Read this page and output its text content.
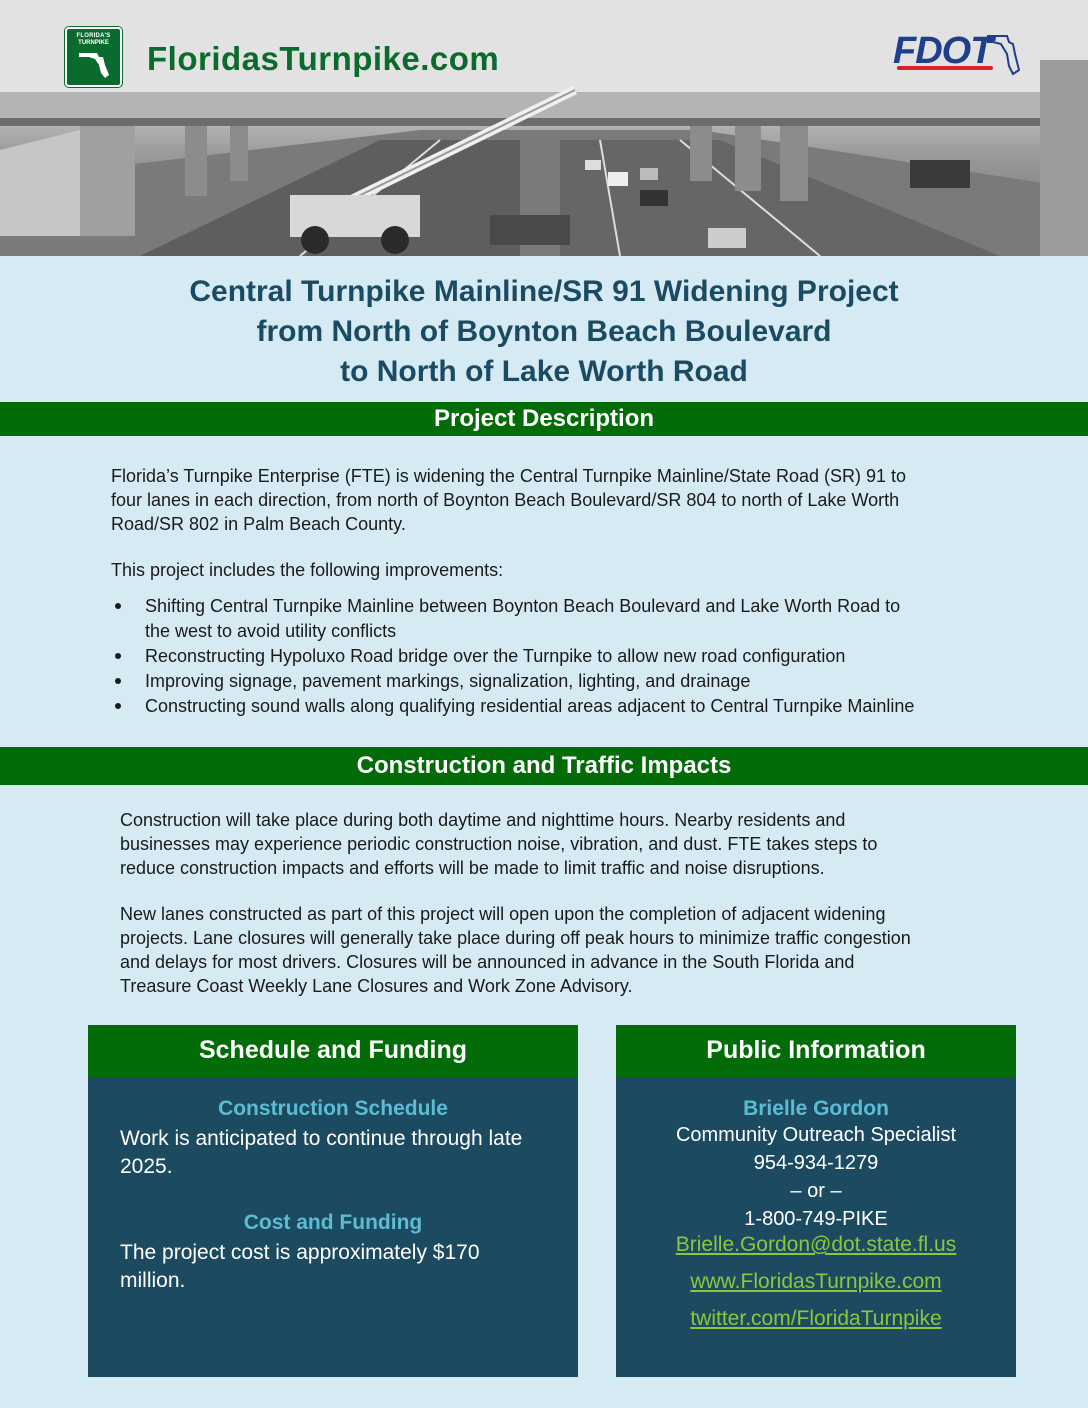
FLORIDA'S
TURNPIKE	FloridasTurnpike.com	FDOT
Central Turnpike Mainline/SR 91 Widening Project
from North of Boynton Beach Boulevard
to North of Lake Worth Road
Project Description
Florida’s Turnpike Enterprise (FTE) is widening the Central Turnpike Mainline/State Road (SR) 91 to
four lanes in each direction, from north of Boynton Beach Boulevard/SR 804 to north of Lake Worth
Road/SR 802 in Palm Beach County.
This project includes the following improvements:
Shifting Central Turnpike Mainline between Boynton Beach Boulevard and Lake Worth Road to
the west to avoid utility conflicts
Reconstructing Hypoluxo Road bridge over the Turnpike to allow new road configuration
Improving signage, pavement markings, signalization, lighting, and drainage
Constructing sound walls along qualifying residential areas adjacent to Central Turnpike Mainline
Construction and Traffic Impacts
Construction will take place during both daytime and nighttime hours. Nearby residents and
businesses may experience periodic construction noise, vibration, and dust. FTE takes steps to
reduce construction impacts and efforts will be made to limit traffic and noise disruptions.
New lanes constructed as part of this project will open upon the completion of adjacent widening
projects. Lane closures will generally take place during off peak hours to minimize traffic congestion
and delays for most drivers. Closures will be announced in advance in the South Florida and
Treasure Coast Weekly Lane Closures and Work Zone Advisory.
Schedule and Funding
Construction Schedule
Work is anticipated to continue through late
2025.
Cost and Funding
The project cost is approximately $170
million.
Public Information
Brielle Gordon
Community Outreach Specialist
954-934-1279
– or –
1-800-749-PIKE
Brielle.Gordon@dot.state.fl.us
www.FloridasTurnpike.com
twitter.com/FloridaTurnpike
